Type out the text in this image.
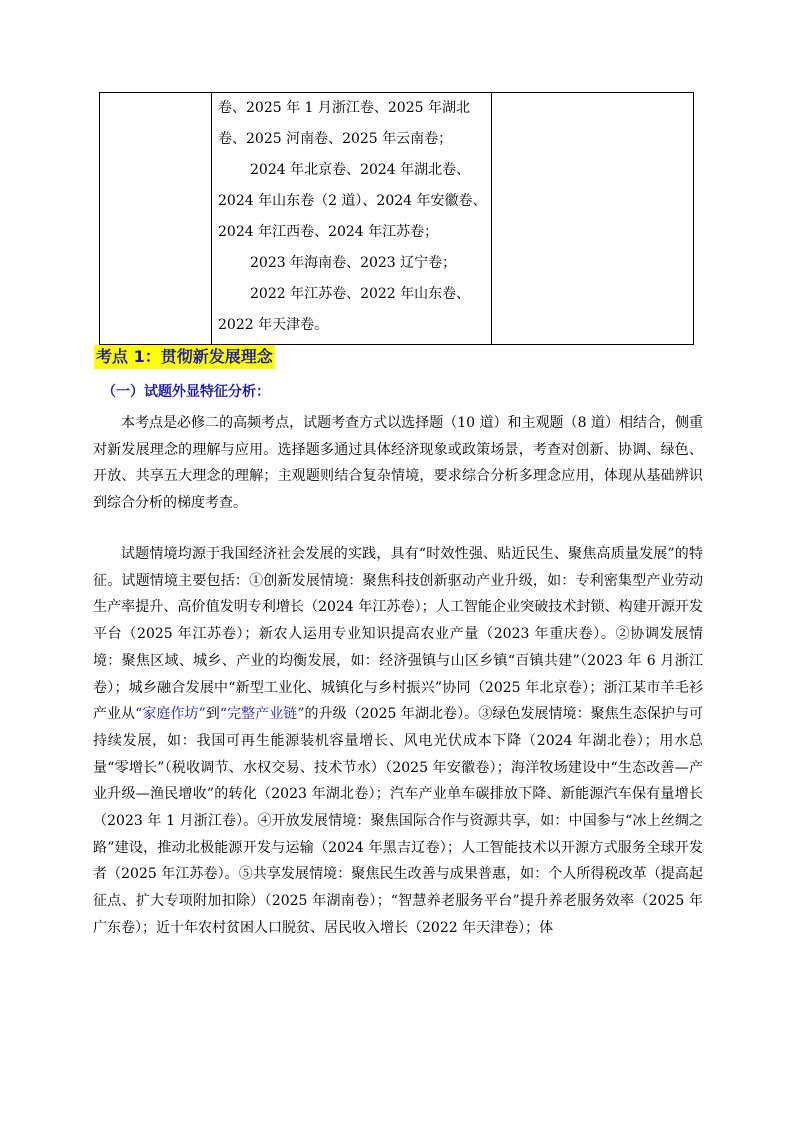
卷、2025 年 1 月浙江卷、2025 年湖北

卷、2025 河南卷、2025 年云南卷；

2024 年北京卷、2024 年湖北卷、

2024 年山东卷（2 道）、2024 年安徽卷、

2024 年江西卷、2024 年江苏卷；

2023 年海南卷、2023 辽宁卷；

2022 年江苏卷、2022 年山东卷、

2022 年天津卷。

考点 1：贯彻新发展理念
（一）试题外显特征分析：

本考点是必修二的高频考点，试题考查方式以选择题（10 道）和主观题（8 道）相结合，侧重对新发展理念的理解与应用。选择题多通过具体经济现象或政策场景，考查对创新、协调、绿色、开放、共享五大理念的理解；主观题则结合复杂情境，要求综合分析多理念应用，体现从基础辨识到综合分析的梯度考查。

试题情境均源于我国经济社会发展的实践，具有“时效性强、贴近民生、聚焦高质量发展”的特征。试题情境主要包括：①创新发展情境：聚焦科技创新驱动产业升级，如：专利密集型产业劳动生产率提升、高价值发明专利增长（2024 年江苏卷）；人工智能企业突破技术封锁、构建开源开发平台（2025 年江苏卷）；新农人运用专业知识提高农业产量（2023 年重庆卷）。②协调发展情境：聚焦区域、城乡、产业的均衡发展，如：经济强镇与山区乡镇“百镇共建”（2023 年 6 月浙江卷）；城乡融合发展中“新型工业化、城镇化与乡村振兴”协同（2025 年北京卷）；浙江某市羊毛衫产业从“家庭作坊”到“完整产业链”的升级（2025 年湖北卷）。③绿色发展情境：聚焦生态保护与可持续发展，如：我国可再生能源装机容量增长、风电光伏成本下降（2024 年湖北卷）；用水总量“零增长”（税收调节、水权交易、技术节水）（2025 年安徽卷）；海洋牧场建设中“生态改善—产业升级—渔民增收”的转化（2023 年湖北卷）；汽车产业单车碳排放下降、新能源汽车保有量增长（2023 年 1 月浙江卷）。④开放发展情境：聚焦国际合作与资源共享，如：中国参与“冰上丝绸之路”建设，推动北极能源开发与运输（2024 年黑吉辽卷）；人工智能技术以开源方式服务全球开发者（2025 年江苏卷）。⑤共享发展情境：聚焦民生改善与成果普惠，如：个人所得税改革（提高起征点、扩大专项附加扣除）（2025 年湖南卷）；“智慧养老服务平台”提升养老服务效率（2025 年广东卷）；近十年农村贫困人口脱贫、居民收入增长（2022 年天津卷）；体
